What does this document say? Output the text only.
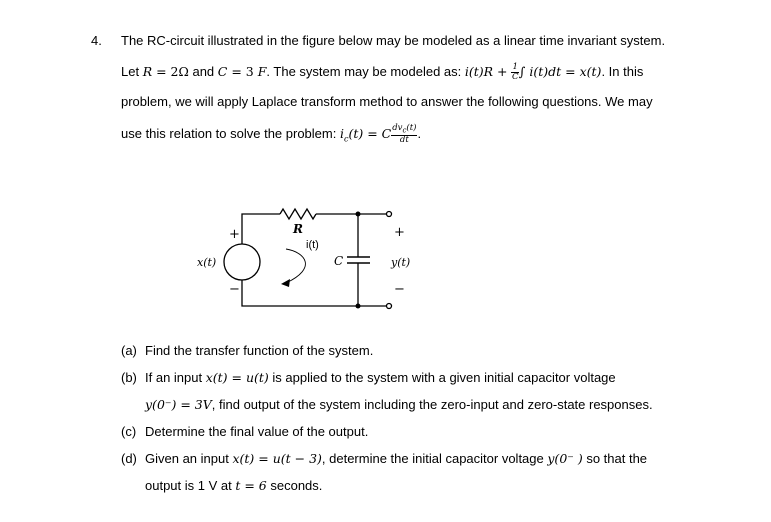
4. The RC-circuit illustrated in the figure below may be modeled as a linear time invariant system.
Let R = 2Ω and C = 3 F. The system may be modeled as: $i(t)R + \frac{1}{C}$ ∫ i(t)dt = x(t). In this
problem, we will apply Laplace transform method to answer the following questions. We may
use this relation to solve the problem: $i_c(t) = C \frac{dv_c(t)}{dt}$ .
+
−
x(t)
R
i(t)
C
+
y(t)
−
(a) Find the transfer function of the system.
(b) If an input x(t) = u(t) is applied to the system with a given initial capacitor voltage
y(0⁻) = 3V, find output of the system including the zero-input and zero-state responses.
(c) Determine the final value of the output.
(d) Given an input x(t) = u(t − 3), determine the initial capacitor voltage y(0⁻ ) so that the
output is 1 V at t = 6 seconds.
